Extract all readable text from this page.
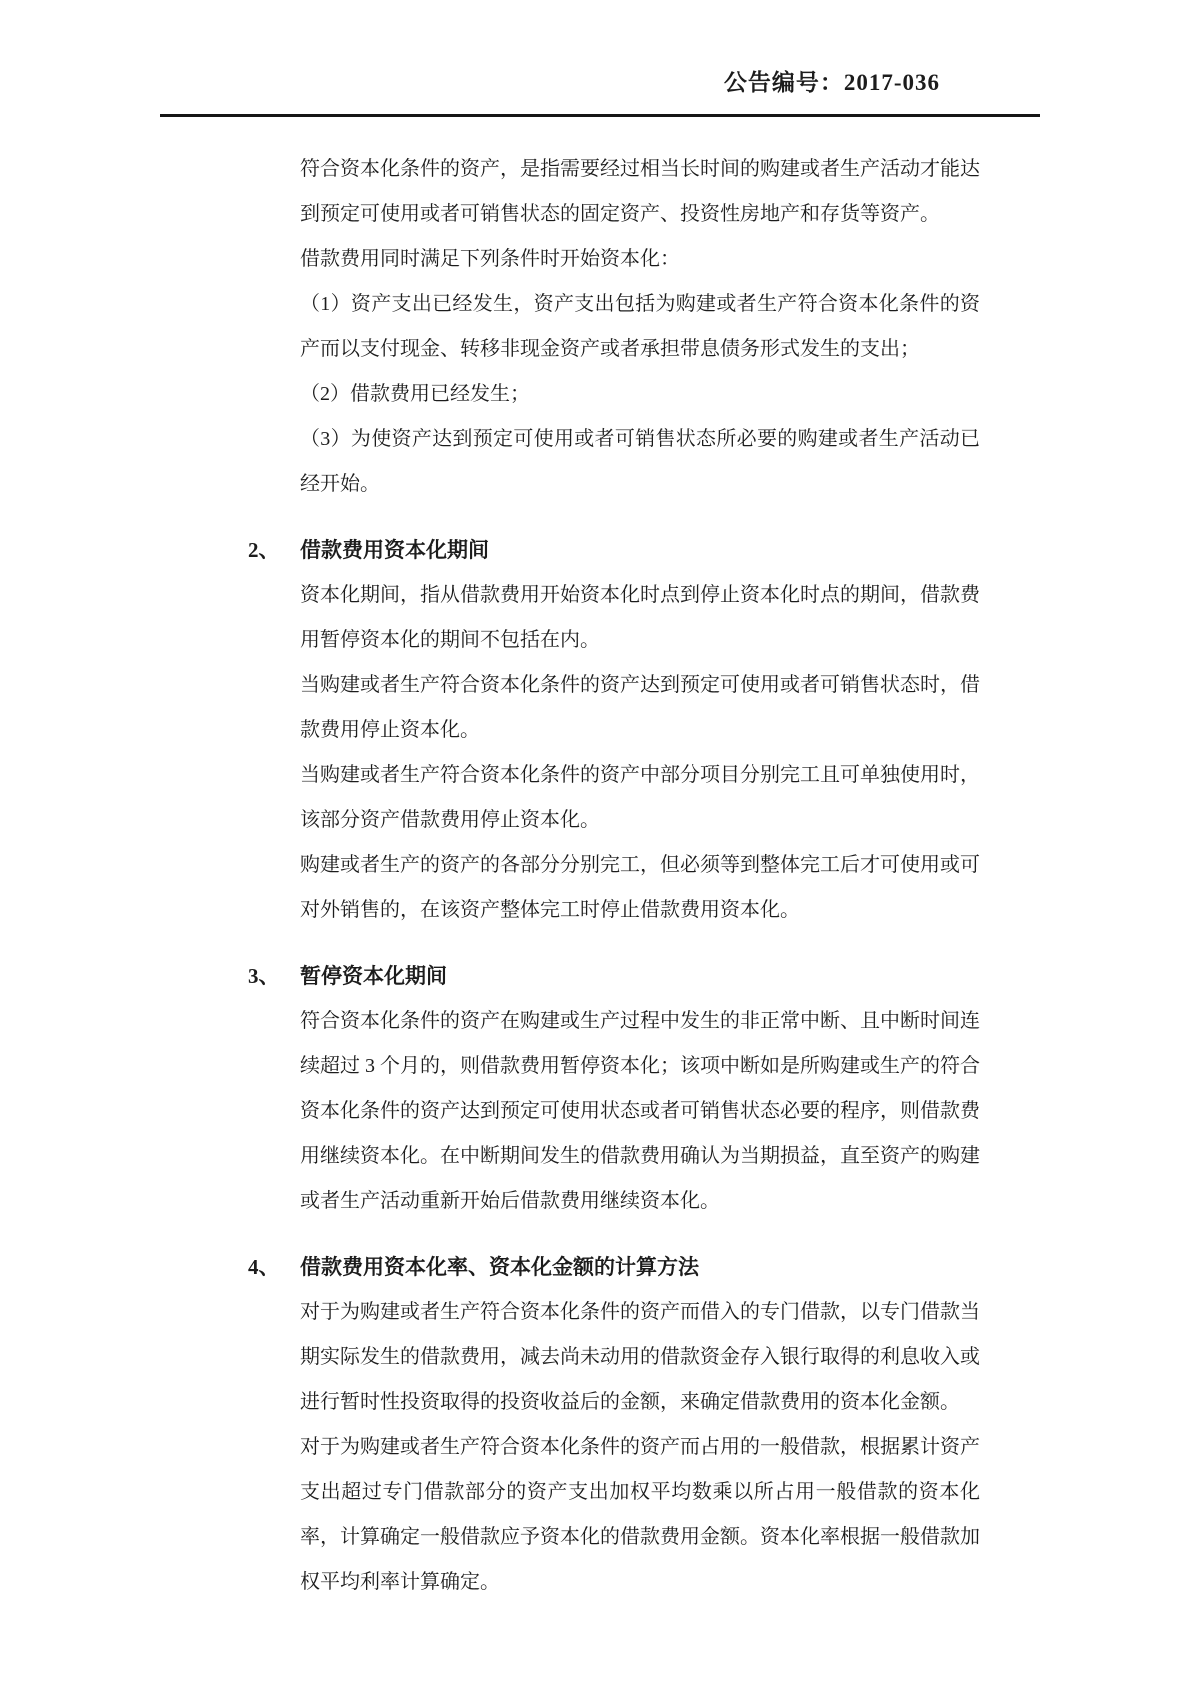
公告编号：2017-036

符合资本化条件的资产，是指需要经过相当长时间的购建或者生产活动才能达到预定可使用或者可销售状态的固定资产、投资性房地产和存货等资产。

借款费用同时满足下列条件时开始资本化：

（1）资产支出已经发生，资产支出包括为购建或者生产符合资本化条件的资产而以支付现金、转移非现金资产或者承担带息债务形式发生的支出；

（2）借款费用已经发生；

（3）为使资产达到预定可使用或者可销售状态所必要的购建或者生产活动已经开始。

2、 借款费用资本化期间

资本化期间，指从借款费用开始资本化时点到停止资本化时点的期间，借款费用暂停资本化的期间不包括在内。

当购建或者生产符合资本化条件的资产达到预定可使用或者可销售状态时，借款费用停止资本化。

当购建或者生产符合资本化条件的资产中部分项目分别完工且可单独使用时，该部分资产借款费用停止资本化。

购建或者生产的资产的各部分分别完工，但必须等到整体完工后才可使用或可对外销售的，在该资产整体完工时停止借款费用资本化。

3、 暂停资本化期间

符合资本化条件的资产在购建或生产过程中发生的非正常中断、且中断时间连续超过 3 个月的，则借款费用暂停资本化；该项中断如是所购建或生产的符合资本化条件的资产达到预定可使用状态或者可销售状态必要的程序，则借款费用继续资本化。在中断期间发生的借款费用确认为当期损益，直至资产的购建或者生产活动重新开始后借款费用继续资本化。

4、 借款费用资本化率、资本化金额的计算方法

对于为购建或者生产符合资本化条件的资产而借入的专门借款，以专门借款当期实际发生的借款费用，减去尚未动用的借款资金存入银行取得的利息收入或进行暂时性投资取得的投资收益后的金额，来确定借款费用的资本化金额。

对于为购建或者生产符合资本化条件的资产而占用的一般借款，根据累计资产支出超过专门借款部分的资产支出加权平均数乘以所占用一般借款的资本化率，计算确定一般借款应予资本化的借款费用金额。资本化率根据一般借款加权平均利率计算确定。
